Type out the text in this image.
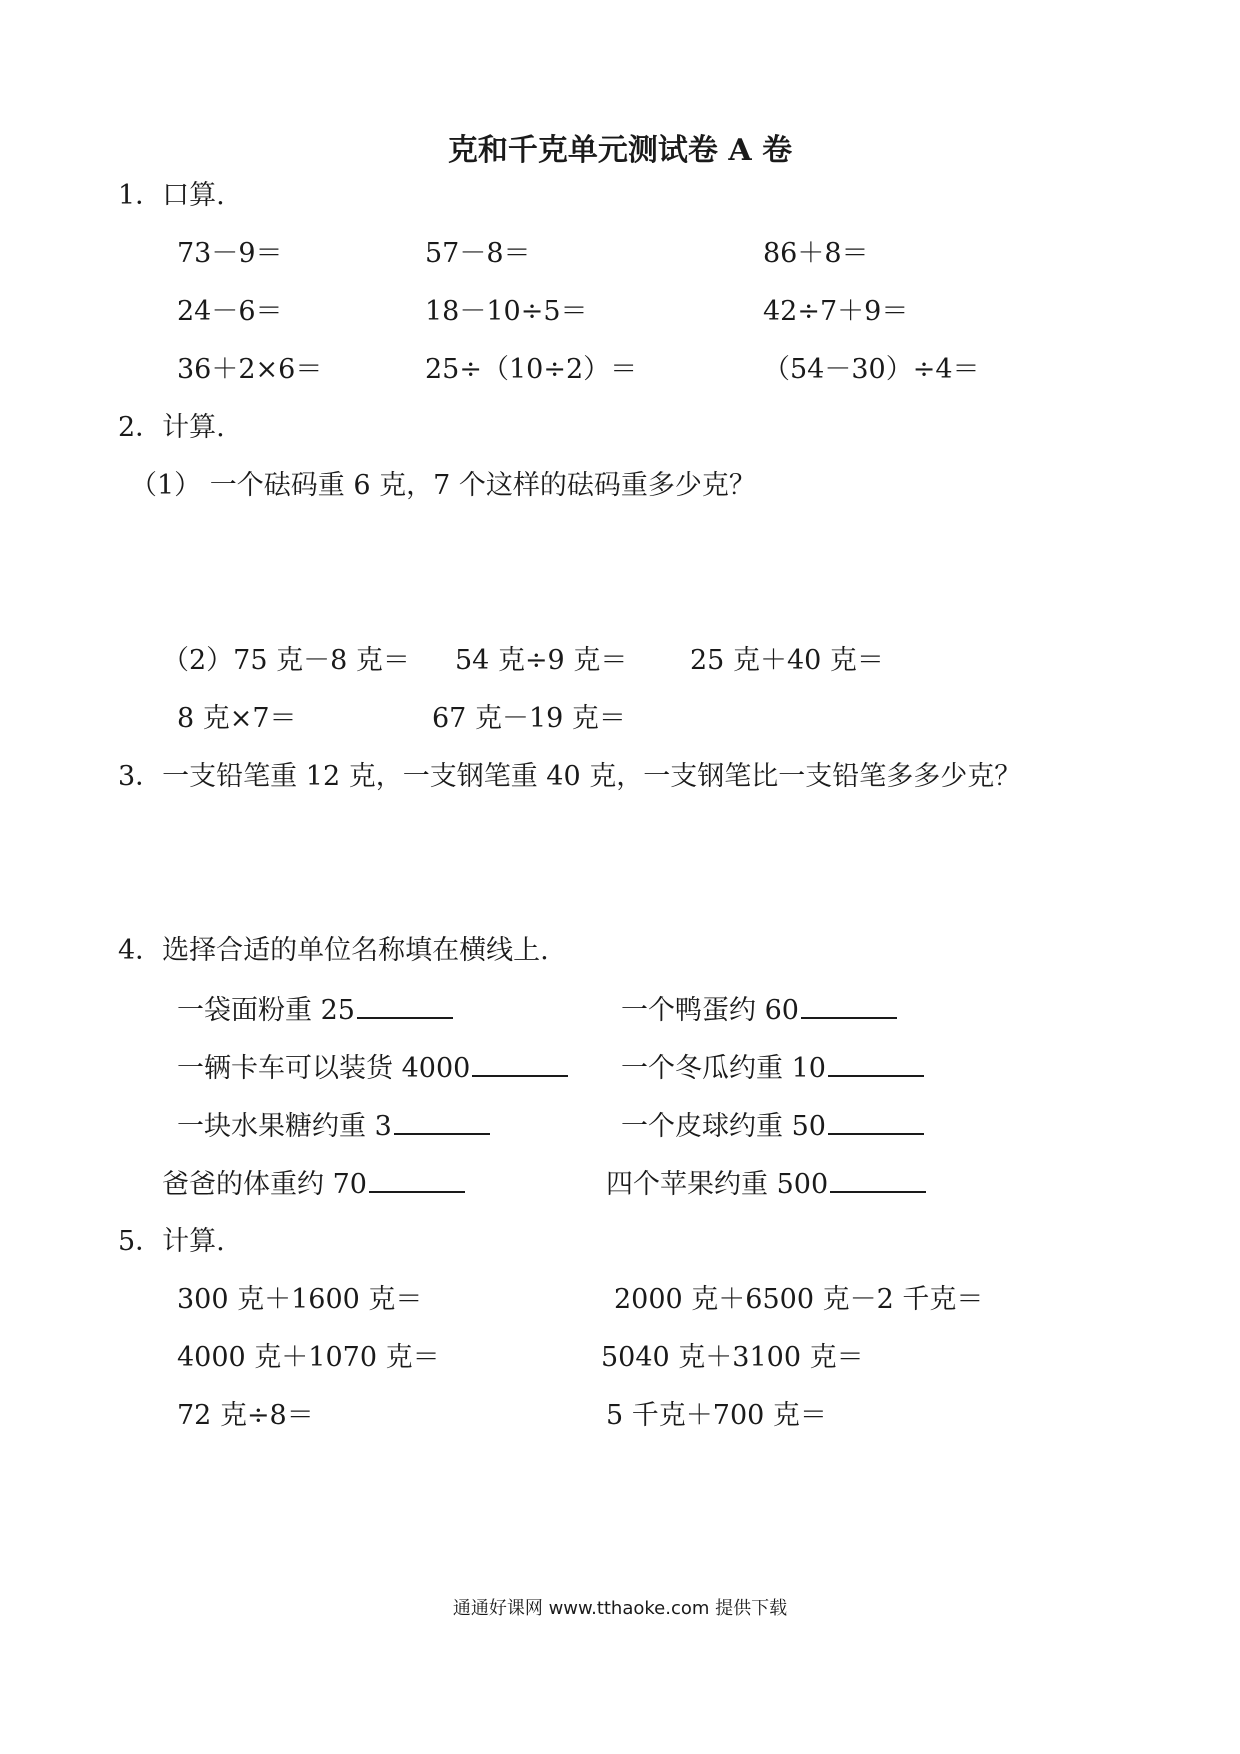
克和千克单元测试卷 A 卷
1．口算.
73－9＝	57－8＝	86＋8＝
24－6＝	18－10÷5＝	42÷7＋9＝
36＋2×6＝	25÷（10÷2）＝	（54－30）÷4＝
2．计算.
（1） 一个砝码重 6 克，7 个这样的砝码重多少克？
（2）75 克－8 克＝ 54 克÷9 克＝ 25 克＋40 克＝
8 克×7＝	67 克－19 克＝
3．一支铅笔重 12 克，一支钢笔重 40 克，一支钢笔比一支铅笔多多少克？
4．选择合适的单位名称填在横线上.
一袋面粉重 25	一个鸭蛋约 60
一辆卡车可以装货 4000	一个冬瓜约重 10
一块水果糖约重 3	一个皮球约重 50
爸爸的体重约 70	四个苹果约重 500
5．计算.
300 克＋1600 克＝	2000 克＋6500 克－2 千克＝
4000 克＋1070 克＝	5040 克＋3100 克＝
72 克÷8＝	5 千克＋700 克＝
通通好课网 www.tthaoke.com 提供下载
